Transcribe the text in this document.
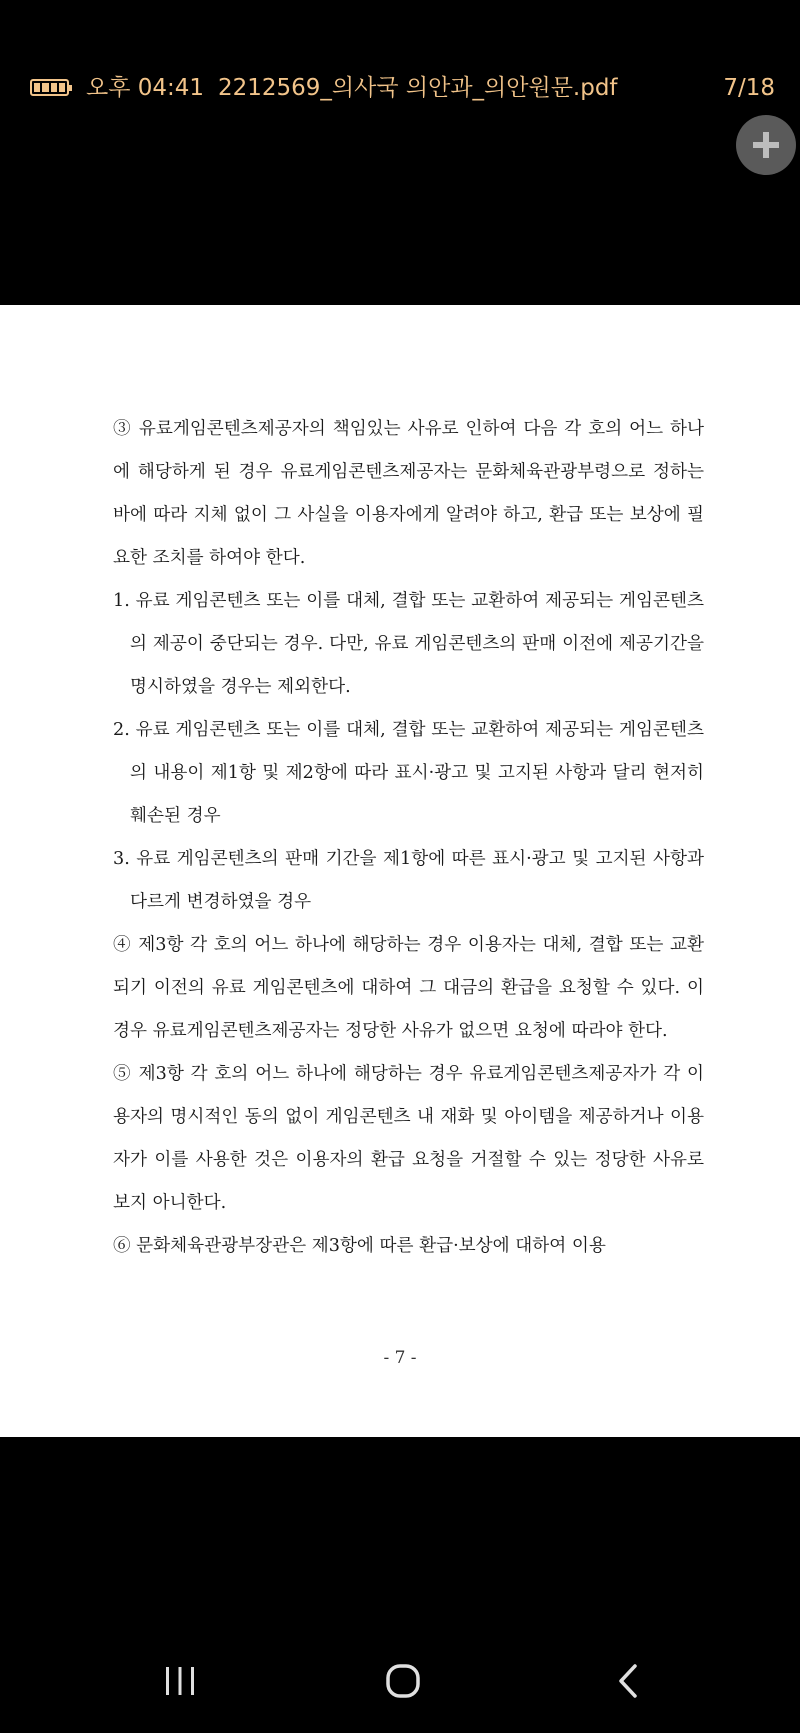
오후 04:41 2212569_의사국 의안과_의안원문.pdf	7/18

③ 유료게임콘텐츠제공자의 책임있는 사유로 인하여 다음 각 호의 어느 하나에 해당하게 된 경우 유료게임콘텐츠제공자는 문화체육관광부령으로 정하는 바에 따라 지체 없이 그 사실을 이용자에게 알려야 하고, 환급 또는 보상에 필요한 조치를 하여야 한다.

1. 유료 게임콘텐츠 또는 이를 대체, 결합 또는 교환하여 제공되는 게임콘텐츠의 제공이 중단되는 경우. 다만, 유료 게임콘텐츠의 판매 이전에 제공기간을 명시하였을 경우는 제외한다.

2. 유료 게임콘텐츠 또는 이를 대체, 결합 또는 교환하여 제공되는 게임콘텐츠의 내용이 제1항 및 제2항에 따라 표시·광고 및 고지된 사항과 달리 현저히 훼손된 경우

3. 유료 게임콘텐츠의 판매 기간을 제1항에 따른 표시·광고 및 고지된 사항과 다르게 변경하였을 경우

④ 제3항 각 호의 어느 하나에 해당하는 경우 이용자는 대체, 결합 또는 교환되기 이전의 유료 게임콘텐츠에 대하여 그 대금의 환급을 요청할 수 있다. 이 경우 유료게임콘텐츠제공자는 정당한 사유가 없으면 요청에 따라야 한다.

⑤ 제3항 각 호의 어느 하나에 해당하는 경우 유료게임콘텐츠제공자가 각 이용자의 명시적인 동의 없이 게임콘텐츠 내 재화 및 아이템을 제공하거나 이용자가 이를 사용한 것은 이용자의 환급 요청을 거절할 수 있는 정당한 사유로 보지 아니한다.

⑥ 문화체육관광부장관은 제3항에 따른 환급·보상에 대하여 이용

- 7 -
